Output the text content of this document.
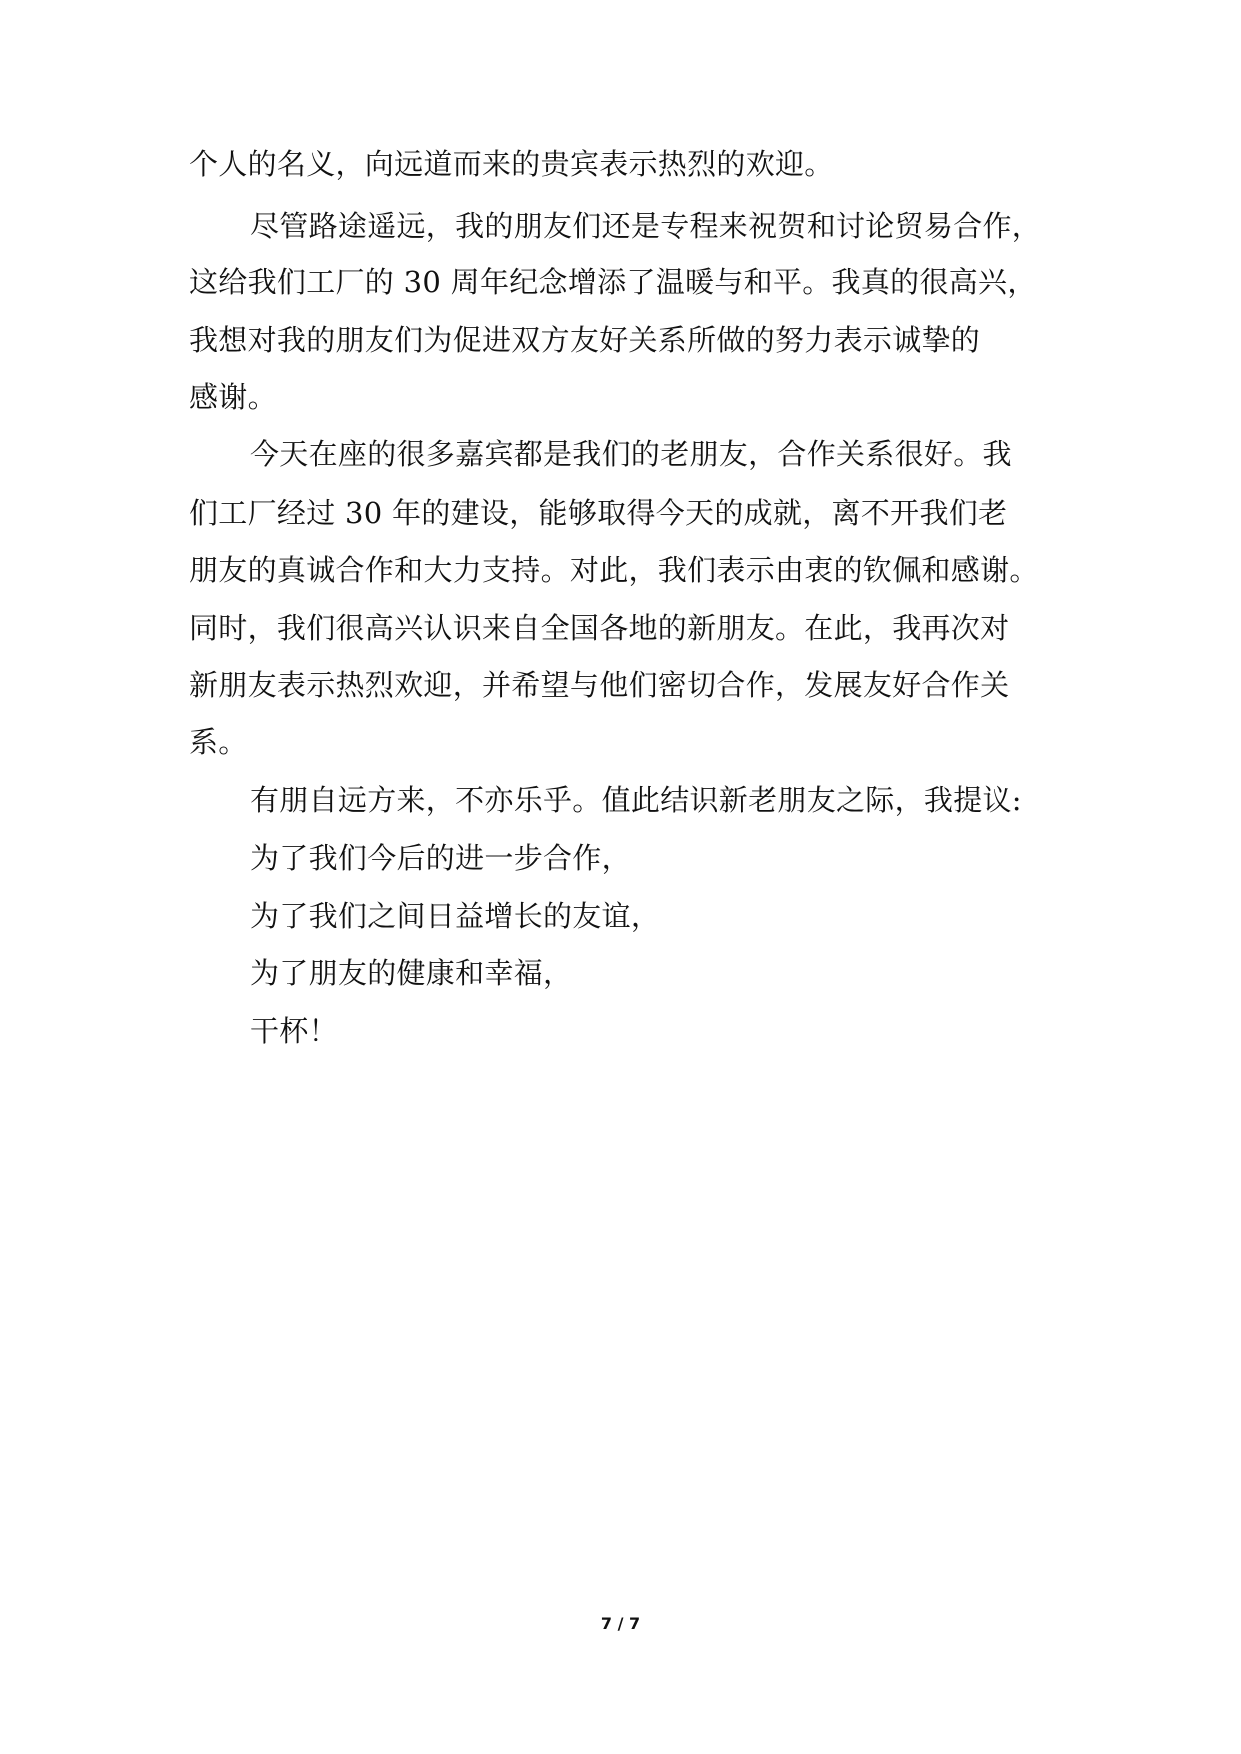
个人的名义，向远道而来的贵宾表示热烈的欢迎。
尽管路途遥远，我的朋友们还是专程来祝贺和讨论贸易合作，
这给我们工厂的 30 周年纪念增添了温暖与和平。我真的很高兴，
我想对我的朋友们为促进双方友好关系所做的努力表示诚挚的
感谢。
今天在座的很多嘉宾都是我们的老朋友，合作关系很好。我
们工厂经过 30 年的建设，能够取得今天的成就，离不开我们老
朋友的真诚合作和大力支持。对此，我们表示由衷的钦佩和感谢。
同时，我们很高兴认识来自全国各地的新朋友。在此，我再次对
新朋友表示热烈欢迎，并希望与他们密切合作，发展友好合作关
系。
有朋自远方来，不亦乐乎。值此结识新老朋友之际，我提议:
为了我们今后的进一步合作，
为了我们之间日益增长的友谊，
为了朋友的健康和幸福，
干杯！
7 / 7
